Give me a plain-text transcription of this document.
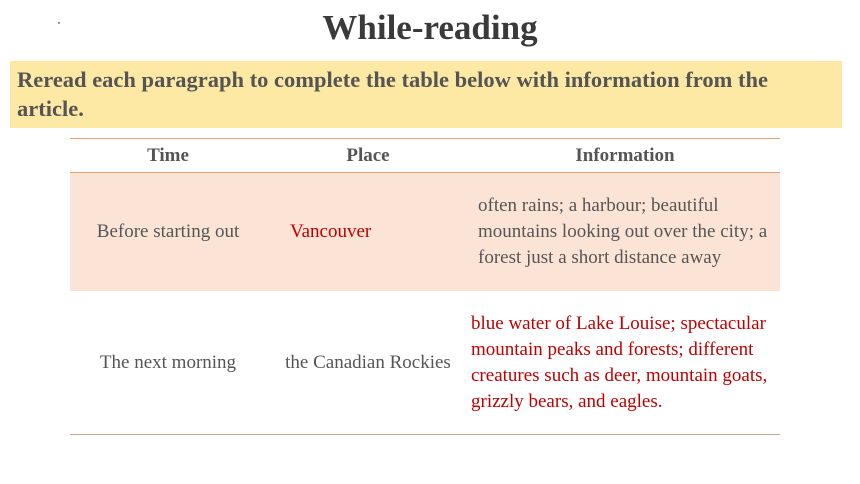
While-reading
Reread each paragraph to complete the table below with information from the article.
Time	Place	Information
Before starting out	Vancouver	often rains; a harbour; beautiful mountains looking out over the city; a forest just a short distance away
The next morning	the Canadian Rockies	blue water of Lake Louise; spectacular mountain peaks and forests; different creatures such as deer, mountain goats, grizzly bears, and eagles.
